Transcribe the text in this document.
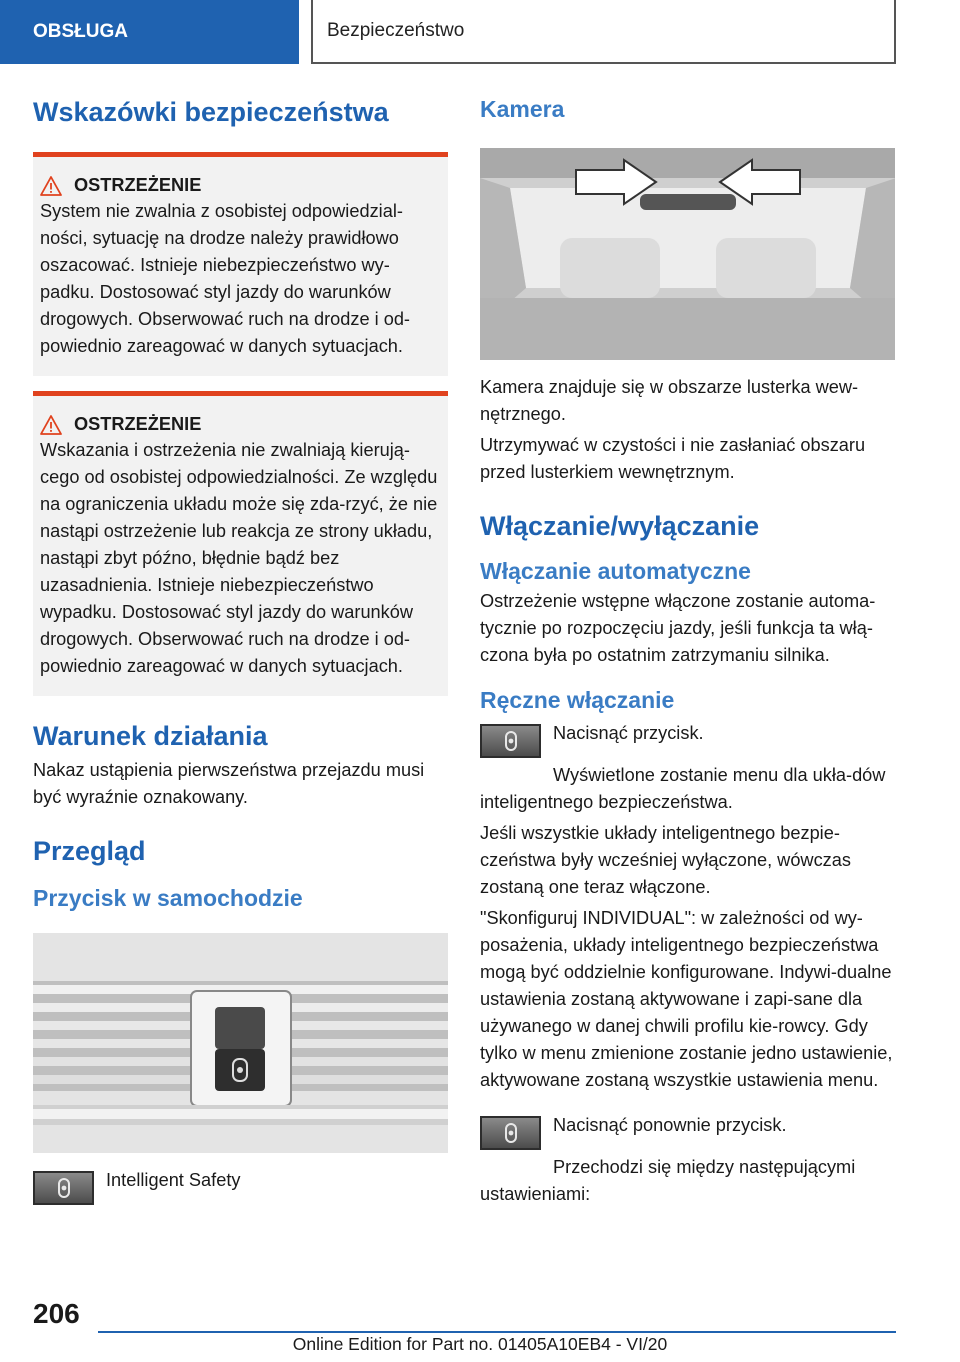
OBSŁUGA	Bezpieczeństwo
Wskazówki bezpieczeństwa
OSTRZEŻENIE

System nie zwalnia z osobistej odpowiedzial-ności, sytuację na drodze należy prawidłowo oszacować. Istnieje niebezpieczeństwo wy-padku. Dostosować styl jazdy do warunków drogowych. Obserwować ruch na drodze i od-powiednio zareagować w danych sytuacjach.

OSTRZEŻENIE

Wskazania i ostrzeżenia nie zwalniają kierują-cego od osobistej odpowiedzialności. Ze względu na ograniczenia układu może się zda-rzyć, że nie nastąpi ostrzeżenie lub reakcja ze strony układu, nastąpi zbyt późno, błędnie bądź bez uzasadnienia. Istnieje niebezpieczeństwo wypadku. Dostosować styl jazdy do warunków drogowych. Obserwować ruch na drodze i od-powiednio zareagować w danych sytuacjach.

Warunek działania

Nakaz ustąpienia pierwszeństwa przejazdu musi być wyraźnie oznakowany.

Przegląd
Przycisk w samochodzie

Intelligent Safety

Kamera

Kamera znajduje się w obszarze lusterka wew-nętrznego.

Utrzymywać w czystości i nie zasłaniać obszaru przed lusterkiem wewnętrznym.

Włączanie/wyłączanie
Włączanie automatyczne

Ostrzeżenie wstępne włączone zostanie automa-tycznie po rozpoczęciu jazdy, jeśli funkcja ta włą-czona była po ostatnim zatrzymaniu silnika.

Ręczne włączanie

Nacisnąć przycisk.

Wyświetlone zostanie menu dla ukła-dów inteligentnego bezpieczeństwa.

Jeśli wszystkie układy inteligentnego bezpie-czeństwa były wcześniej wyłączone, wówczas zostaną one teraz włączone.

"Skonfiguruj INDIVIDUAL": w zależności od wy-posażenia, układy inteligentnego bezpieczeństwa mogą być oddzielnie konfigurowane. Indywi-dualne ustawienia zostaną aktywowane i zapi-sane dla używanego w danej chwili profilu kie-rowcy. Gdy tylko w menu zmienione zostanie jedno ustawienie, aktywowane zostaną wszystkie ustawienia menu.

Nacisnąć ponownie przycisk.

Przechodzi się między następującymi ustawieniami:

206
Online Edition for Part no. 01405A10EB4 - VI/20
